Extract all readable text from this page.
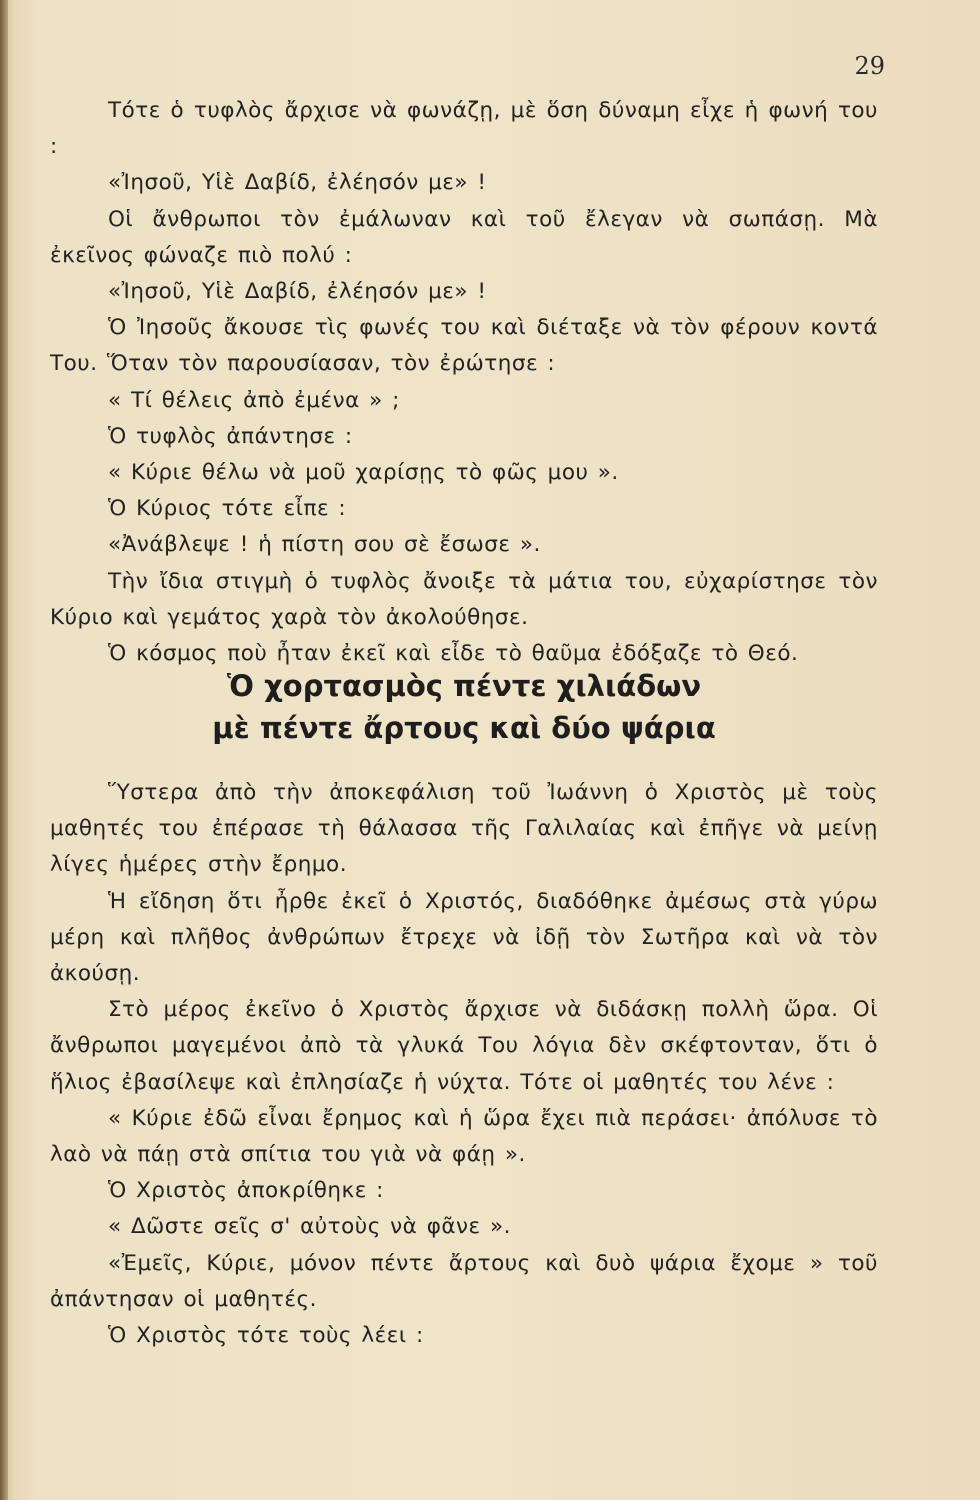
29

Τότε ὁ τυφλὸς ἄρχισε νὰ φωνάζῃ, μὲ ὅση δύναμη εἶχε ἡ φωνή του :

«Ἰησοῦ, Υἱὲ Δαβίδ, ἐλέησόν με» !

Οἱ ἄνθρωποι τὸν ἐμάλωναν καὶ τοῦ ἔλεγαν νὰ σωπάσῃ. Μὰ ἐκεῖνος φώναζε πιὸ πολύ :

«Ἰησοῦ, Υἱὲ Δαβίδ, ἐλέησόν με» !

Ὁ Ἰησοῦς ἄκουσε τὶς φωνές του καὶ διέταξε νὰ τὸν φέρουν κοντά Του. Ὅταν τὸν παρουσίασαν, τὸν ἐρώτησε :

« Τί θέλεις ἀπὸ ἐμένα » ;

Ὁ τυφλὸς ἀπάντησε :

« Κύριε θέλω νὰ μοῦ χαρίσῃς τὸ φῶς μου ».

Ὁ Κύριος τότε εἶπε :

«Ἀνάβλεψε ! ἡ πίστη σου σὲ ἔσωσε ».

Τὴν ἴδια στιγμὴ ὁ τυφλὸς ἄνοιξε τὰ μάτια του, εὐχαρίστησε τὸν Κύριο καὶ γεμάτος χαρὰ τὸν ἀκολούθησε.

Ὁ κόσμος ποὺ ἦταν ἐκεῖ καὶ εἶδε τὸ θαῦμα ἐδόξαζε τὸ Θεό.

Ὁ χορτασμὸς πέντε χιλιάδων
μὲ πέντε ἄρτους καὶ δύο ψάρια

Ὕστερα ἀπὸ τὴν ἀποκεφάλιση τοῦ Ἰωάννη ὁ Χριστὸς μὲ τοὺς μαθητές του ἐπέρασε τὴ θάλασσα τῆς Γαλιλαίας καὶ ἐπῆγε νὰ μείνῃ λίγες ἡμέρες στὴν ἔρημο.

Ἡ εἴδηση ὅτι ἦρθε ἐκεῖ ὁ Χριστός, διαδόθηκε ἀμέσως στὰ γύρω μέρη καὶ πλῆθος ἀνθρώπων ἔτρεχε νὰ ἰδῇ τὸν Σωτῆρα καὶ νὰ τὸν ἀκούσῃ.

Στὸ μέρος ἐκεῖνο ὁ Χριστὸς ἄρχισε νὰ διδάσκῃ πολλὴ ὥρα. Οἱ ἄνθρωποι μαγεμένοι ἀπὸ τὰ γλυκά Του λόγια δὲν σκέφτονταν, ὅτι ὁ ἥλιος ἐβασίλεψε καὶ ἐπλησίαζε ἡ νύχτα. Τότε οἱ μαθητές του λένε :

« Κύριε ἐδῶ εἶναι ἔρημος καὶ ἡ ὥρα ἔχει πιὰ περάσει· ἀπόλυσε τὸ λαὸ νὰ πάῃ στὰ σπίτια του γιὰ νὰ φάῃ ».

Ὁ Χριστὸς ἀποκρίθηκε :

« Δῶστε σεῖς σ' αὐτοὺς νὰ φᾶνε ».

«Ἐμεῖς, Κύριε, μόνον πέντε ἄρτους καὶ δυὸ ψάρια ἔχομε » τοῦ ἀπάντησαν οἱ μαθητές.

Ὁ Χριστὸς τότε τοὺς λέει :
